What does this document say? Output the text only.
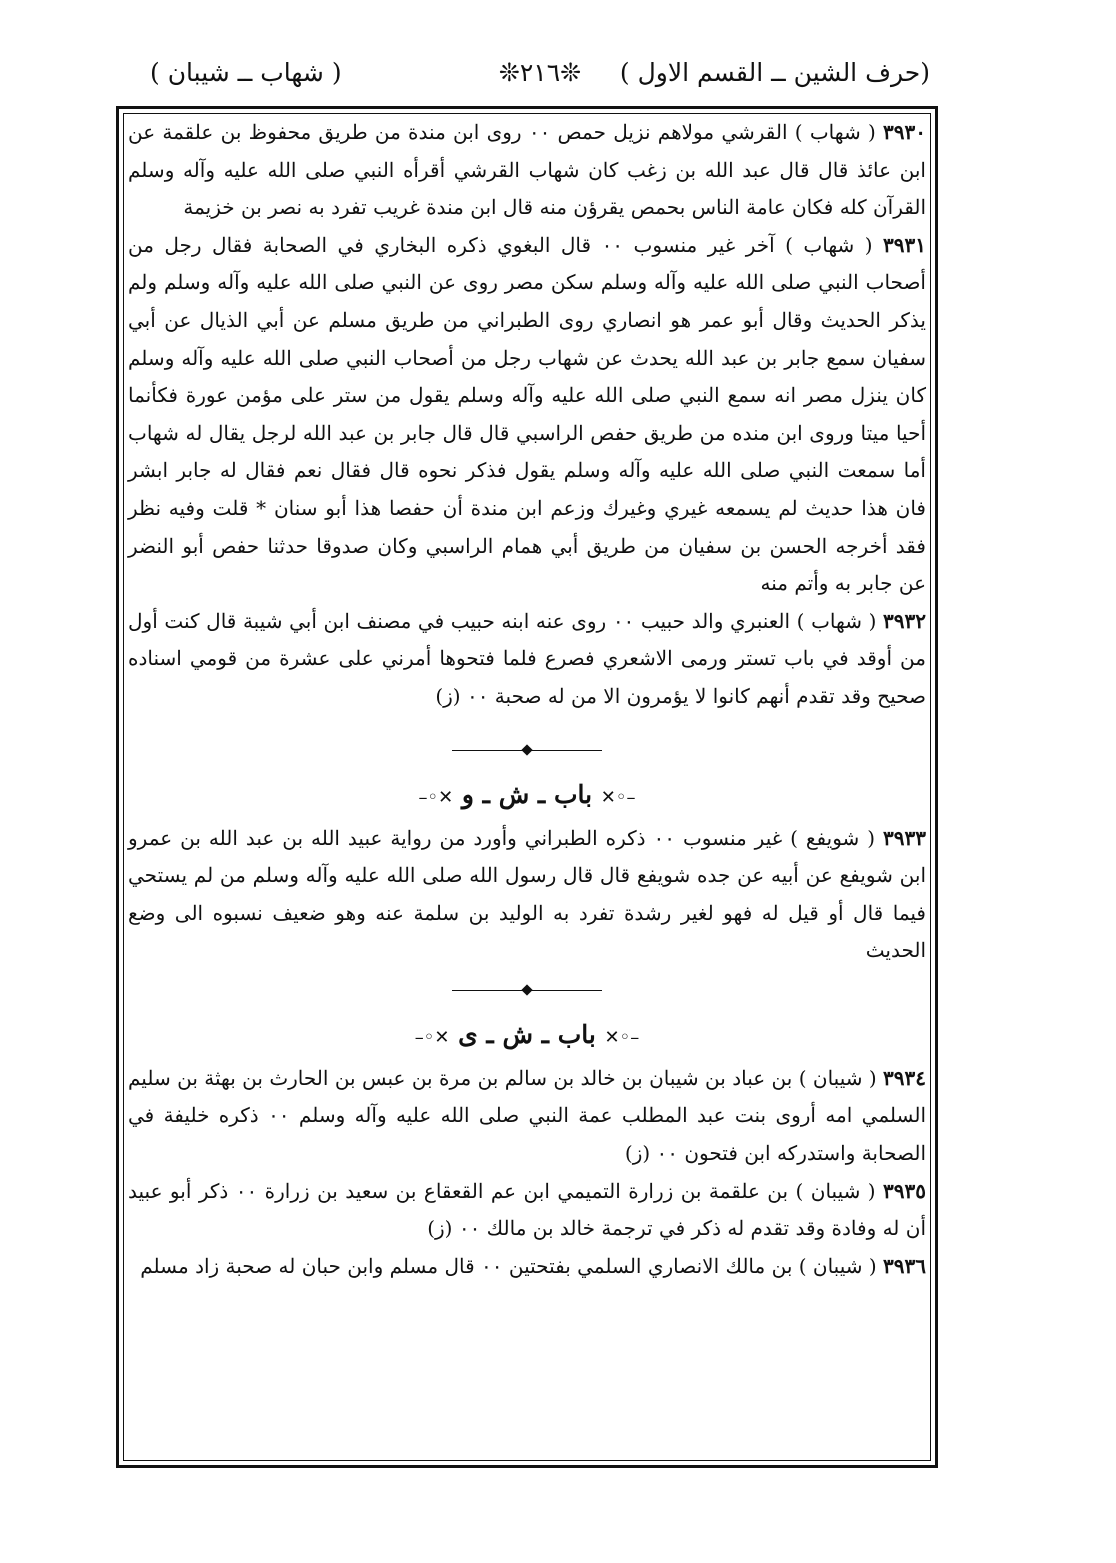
(حرف الشين ــ القسم الاول )
❊٢١٦❊
( شهاب ــ شيبان )

٣٩٣٠ ( شهاب ) القرشي مولاهم نزيل حمص ٠٠ روى ابن مندة من طريق محفوظ بن علقمة عن ابن عائذ قال قال عبد الله بن زغب كان شهاب القرشي أقرأه النبي صلى الله عليه وآله وسلم القرآن كله فكان عامة الناس بحمص يقرؤن منه قال ابن مندة غريب تفرد به نصر بن خزيمة

٣٩٣١ ( شهاب ) آخر غير منسوب ٠٠ قال البغوي ذكره البخاري في الصحابة فقال رجل من أصحاب النبي صلى الله عليه وآله وسلم سكن مصر روى عن النبي صلى الله عليه وآله وسلم ولم يذكر الحديث وقال أبو عمر هو انصاري روى الطبراني من طريق مسلم عن أبي الذيال عن أبي سفيان سمع جابر بن عبد الله يحدث عن شهاب رجل من أصحاب النبي صلى الله عليه وآله وسلم كان ينزل مصر انه سمع النبي صلى الله عليه وآله وسلم يقول من ستر على مؤمن عورة فكأنما أحيا ميتا وروى ابن منده من طريق حفص الراسبي قال قال جابر بن عبد الله لرجل يقال له شهاب أما سمعت النبي صلى الله عليه وآله وسلم يقول فذكر نحوه قال فقال نعم فقال له جابر ابشر فان هذا حديث لم يسمعه غيري وغيرك وزعم ابن مندة أن حفصا هذا أبو سنان * قلت وفيه نظر فقد أخرجه الحسن بن سفيان من طريق أبي همام الراسبي وكان صدوقا حدثنا حفص أبو النضر عن جابر به وأتم منه

٣٩٣٢ ( شهاب ) العنبري والد حبيب ٠٠ روى عنه ابنه حبيب في مصنف ابن أبي شيبة قال كنت أول من أوقد في باب تستر ورمى الاشعري فصرع فلما فتحوها أمرني على عشرة من قومي اسناده صحيح وقد تقدم أنهم كانوا لا يؤمرون الا من له صحبة ٠٠ (ز)

–◦✕ باب ـ ش ـ و ✕◦–

٣٩٣٣ ( شويفع ) غير منسوب ٠٠ ذكره الطبراني وأورد من رواية عبيد الله بن عبد الله بن عمرو ابن شويفع عن أبيه عن جده شويفع قال قال رسول الله صلى الله عليه وآله وسلم من لم يستحي فيما قال أو قيل له فهو لغير رشدة تفرد به الوليد بن سلمة عنه وهو ضعيف نسبوه الى وضع الحديث

–◦✕ باب ـ ش ـ ى ✕◦–

٣٩٣٤ ( شيبان ) بن عباد بن شيبان بن خالد بن سالم بن مرة بن عبس بن الحارث بن بهثة بن سليم السلمي امه أروى بنت عبد المطلب عمة النبي صلى الله عليه وآله وسلم ٠٠ ذكره خليفة في الصحابة واستدركه ابن فتحون ٠٠ (ز)

٣٩٣٥ ( شيبان ) بن علقمة بن زرارة التميمي ابن عم القعقاع بن سعيد بن زرارة ٠٠ ذكر أبو عبيد أن له وفادة وقد تقدم له ذكر في ترجمة خالد بن مالك ٠٠ (ز)

٣٩٣٦ ( شيبان ) بن مالك الانصاري السلمي بفتحتين ٠٠ قال مسلم وابن حبان له صحبة زاد مسلم
